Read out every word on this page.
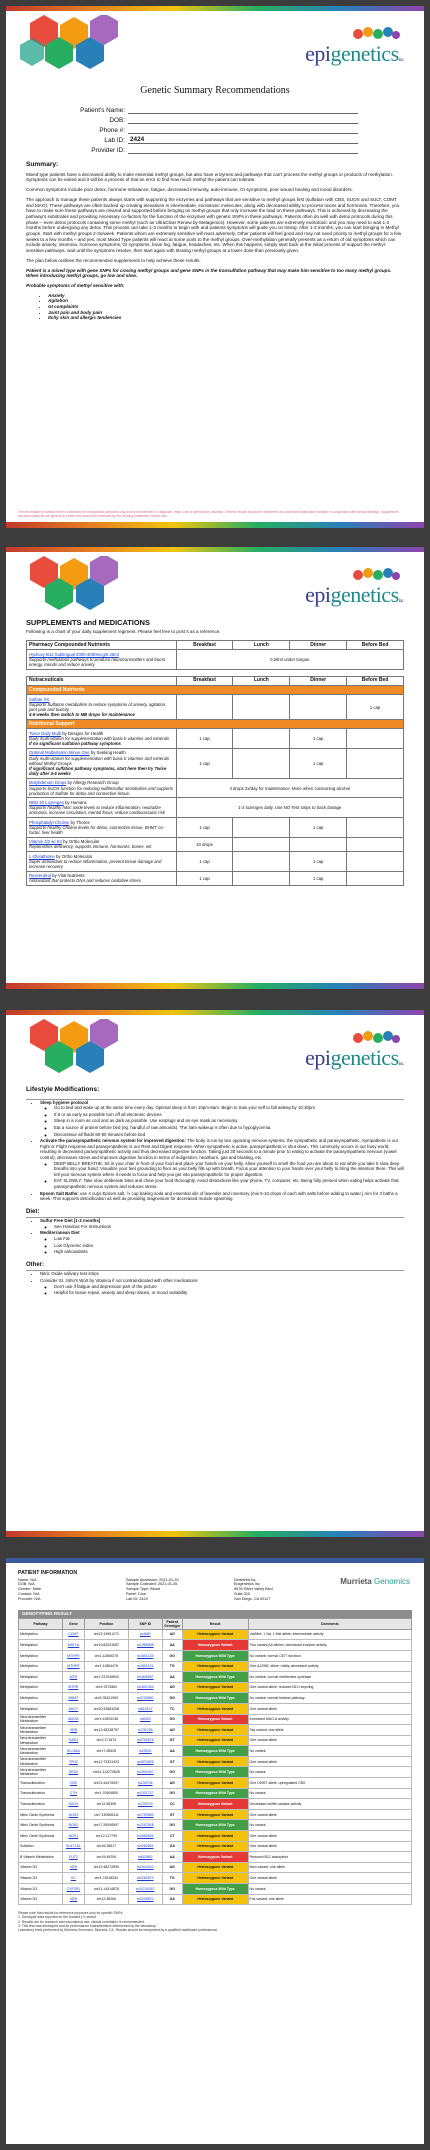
epigeneticsinc.
Genetic Summary Recommendations
Patient's Name:
DOB:
Phone #:
Lab ID: 2424
Provider ID:
Summary:

Mixed type patients have a decreased ability to make essential methyl groups, but also have enzymes and pathways that can't process the methyl groups or products of methylation. Symptoms can be varied and it will be a process of trial an error to find how much methyl the patient can tolerate.

Common symptoms include poor detox, hormone imbalance, fatigue, decreased immunity, auto-immune, GI symptoms, poor wound healing and mood disorders.

The approach to manage these patients always starts with supporting the enzymes and pathways that are sensitive to methyl groups first (sulfation with CBS, SUOX and SULT, COMT and MAO). These pathways are often backed up creating elevations in intermediate, excitotoxic molecules, along with decreased ability to process toxins and hormones. Therefore, you have to make sure these pathways are cleared and supported before bringing on methyl groups that only increase the load on these pathways. This is achieved by decreasing the pathway's substrates and providing necessary co-factors for the function of the enzymes with genetic SNPs in these pathways. Patients often do well with detox protocols during this phase – even detox protocols containing some methyl (such as UltraClear Renew by Metagenics). However, some patients are extremely excitotoxic and you may need to wait 1-3 months before undergoing any detox. This process can take 1-3 months to begin with and patients symptoms will guide you on timing. After 1-3 months, you can start bringing in Methyl groups. Start with methyl groups 2-3x/week. Patients whom are extremely sensitive will react adversely. Other patients will feel good and may not need priority to methyl groups for a few weeks to a few months – and yes, most Mixed Type patients will react at some point to the methyl groups. Over-methylation generally presents as a return of old symptoms which can include anxiety, insomnia, hormone symptoms, GI symptoms, brain fog, fatigue, headaches, etc. When this happens, simply start back at the initial process of support the methyl-sensitive pathways, wait until the symptoms resolve, then start again with titrating methyl groups at a lower dose than previously given.

The plan below outlines the recommended supplements to help achieve these results.

Patient is a mixed type with gene SNPs for craving methyl groups and gene SNPs in the transulfation pathway that may make him sensitive to too many methyl groups. When introducing methyl groups, go low and slow.

Probable symptoms of methyl sensitive with:

• Anxiety
• Agitation
• GI complaints
• Joint pain and body pain
• Itchy skin and allergic tendencies
The information provided herein is intended for educational purposes only and is not intended to diagnose, treat, cure or prevent any disease. Genetic results should be interpreted by a licensed healthcare provider in conjunction with clinical findings. Supplement recommendations are general in nature and should be reviewed by the treating practitioner before use.
epigeneticsinc.
SUPPLEMENTS and MEDICATIONS
Following is a chart of your daily supplement regiment. Please feel free to post it as a reference.
Pharmacy Compounded Nutrients	Breakfast	Lunch	Dinner	Before Bed
Hydroxy B12 Sublingual 2000-4000mcg/0.25ml
Supports methylation pathways to produce neurotransmitters and boost energy, moods and reduce anxiety	0.25ml under tongue			
Nutraceuticals	Breakfast	Lunch	Dinner	Before Bed
Compounded Nutrients				
Sulfate XX
Supports Sulfation metabolism to reduce symptoms of anxiety, agitation, joint pain and toxicity.
4-6 weeks then switch to MB drops for maintenance				1 cap
Nutritional Support				
Twice Daily Multi by Designs for Health
Daily multi-vitamin for supplementation with basic b vitamins and minerals
If no significant sulfation pathway symptoms	1 cap		1 cap	
Optimal Multivitamin Minus One by Seeking Health
Daily multi-vitamin for supplementation with basic b vitamins and minerals without Methyl Groups
If significant sulfation pathway symptoms, start here then try Twice daily after 4-6 weeks	1 cap		1 cap	
Molybdenum Drops by Allergy Research Group
Supports SUOX function for reducing sulfite/sulfur sensitivities and supports production of Sulfate for detox and connective tissue.	4 drops 2x/day for maintenance. More when consuming alcohol			
NBD 40 Lozenges by Humanx
Supports healthy nitric oxide levels to reduce inflammation, neutralize ammonia, increase circulation, mental focus, reduce cardiovascular risk	1-2 lozenges daily. Use NO Test strips to track dosage			
Phosphatidyl Choline by Thorne
Supports healthy Choline levels for detox, connective tissue, BHMT co-factor, liver health	1 cap		1 cap	
Vitamin D3 w/ K2 by Ortho Molecular
Replenishes deficiency, supports immune, hormones, bones, etc	10 drops			
L-Glutathione by Ortho Molecular
Super antioxidant to reduce inflammation, prevent tissue damage and increase recovery	1 cap		1 cap	
Resveratrol by Vital Nutrients
Antioxidant that protects DNA and reduces oxidative stress	1 cap		1 cap	
epigeneticsinc.
Lifestyle Modifications:
• Sleep hygiene protocol
◦ Go to bed and wake up at the same time every day. Optimal sleep is from 10pm-6am. Begin to train your self to fall asleep by 10:30pm
◦ If 8 or as early as possible turn off all electronic devices
◦ Sleep in a room as cool and as dark as possible. Use earplugs and an eye mask as necessary.
◦ Eat a source of protein before bed (eg. handful of raw almonds). The 3am wakeup is often due to hypoglycemia.
◦ Discontinue all fluids 60-90 minutes before bed
• Activate the parasympathetic nervous system for improved digestion: The body is run by two opposing nervous systems, the sympathetic and parasympathetic. Sympathetic is our Fight or Flight response and parasympathetic is our Rest and Digest response. When sympathetic is active, parasympathetic is shut down. This commonly occurs in our busy world, resulting in decreased parasympathetic activity and thus decreased digestive function. Taking just 30 seconds to a minute prior to eating to activate the parasympathetic nervous (vowel control), decreases stress and improves digestive function in terms of indigestion, heartburn, gas and bloating, etc.
◦ DEEP BELLY BREATHE: Sit in your chair in front of your food and place your hands on your belly. Allow yourself to smell the food you are about to eat while you take 5 slow deep breaths into your hand. Visualize your feet grounding to floor as your belly fills up with breath. Focus your attention to your hands over your belly to bring the intention there. This will tell your nervous system where it needs to focus and help you get into parasympathetic for proper digestion.
◦ EAT SLOWLY: Take slow deliberate bites and chew your food thoroughly. Avoid distractions like your phone, TV, computer, etc. Being fully present when eating helps activate that parasympathetic nervous system and reduces stress.
• Epsom Salt Baths: use 4 cups Epsom salt, ½ cup baking soda and essential oils of lavender and rosemary (mix 5-10 drops of each with salts before adding to water.) Aim for 3 baths a week. This supports detoxification as well as providing magnesium for decreased muscle spasming.
Diet:
• Sulfur Free Diet [1-3 months]
◦ See Handout For Instructions
• Mediterranean Diet
◦ Low Fat
◦ Low Glycemic index
◦ High antioxidants
Other:
• Nitric Oxide salivary test strips
• Consider St. John's Wort by Vitanica if not contraindicated with other medications
◦ Don't use if fatigue and depression part of the picture
◦ Helpful for tissue repair, anxiety and sleep issues, or mood variability
PATIENT INFORMATION
Name: N/A
DOB: N/A
Gender: Male
Contact: N/A
Provider: N/A
Sample Accession: 2021-01-20
Sample Collected: 2021-01-05
Sample Type: Blood
Panel: Core
Lab ID: 2424
Delivered by:
Epigenetics Inc
5578 Silver Valley Blvd
Suite 310
San Diego, CA 92127
Murrieta Genomics
GENOTYPING RESULT
Pathway	Gene	Position	SNP ID	Patient Genotype	Result	Comments
Methylation	COMT	chr22:19951271	rs4680	AG	Heterozygous Variant	Val/Met: 1 Val, 1 Met allele; intermediate activity
Methylation	MAT1A	chr10:82031087	rs1985908	AA	Homozygous Variant	Two variant AA alleles; decreased enzyme activity
Methylation	MTHFR	chr1:11856378	rs1801133	GG	Homozygous Wild Type	No variant; normal C677 function
Methylation	MTHFR	chr1:11854476	rs1801131	TG	Heterozygous Variant	One A1298C allele; mildly decreased activity
Methylation	MTR	chr1:237048500	rs1805087	AA	Homozygous Wild Type	No variant; normal methionine synthase
Methylation	MTRR	chr5:7870860	rs1801394	AG	Heterozygous Variant	One variant allele; reduced B12 recycling
Methylation	BHMT	chr5:78421959	rs3733890	GG	Homozygous Wild Type	No variant; normal betaine pathway
Methylation	AHCY	chr20:32883208	rs819147	TC	Heterozygous Variant	One variant allele
Neurotransmitter Metabolism	MAOA	chrX:43591036	rs6323	GG	Homozygous Variant	Increased MAO-A activity
Neurotransmitter Metabolism	VDR	chr12:48238757	rs731236	AG	Heterozygous Variant	Taq variant; one allele
Neurotransmitter Metabolism	GAD1	chr2:171673	rs3791878	GT	Heterozygous Variant	One variant allele
Neurotransmitter Metabolism	SLC6A4	chr17:28525	rs25531	AA	Homozygous Wild Type	No variant
Neurotransmitter Metabolism	TPH2	chr12:72331923	rs4570625	GT	Heterozygous Variant	One variant allele
Neurotransmitter Metabolism	DRD2	chr11:113270828	rs1800497	GG	Homozygous Wild Type	No variant
Transsulfuration	CBS	chr21:44478497	rs234706	AG	Heterozygous Variant	One C699T allele; upregulated CBS
Transsulfuration	CTH	chr1:70904800	rs1021737	GG	Homozygous Wild Type	No variant
Transsulfuration	SUOX	chr12:56398	rs705703	CC	Homozygous Variant	Decreased sulfite oxidase activity
Nitric Oxide Synthesis	NOS3	chr7:150696111	rs1799983	GT	Heterozygous Variant	One variant allele
Nitric Oxide Synthesis	NOS2	chr17:26096597	rs2297518	GG	Homozygous Wild Type	No variant
Nitric Oxide Synthesis	NOS1	chr12:117799	rs2682826	CT	Heterozygous Variant	One variant allele
Sulfation	SULT1A1	chr16:28617	rs9282861	GA	Heterozygous Variant	One variant allele
B Vitamin Metabolism	FUT2	chr19:49206	rs602662	AA	Homozygous Variant	Reduced B12 absorption
Vitamin D3	VDR	chr12:48272895	rs1544410	AG	Heterozygous Variant	Bsm variant; one allele
Vitamin D3	GC	chr4:72618334	rs2282679	TG	Heterozygous Variant	One variant allele
Vitamin D3	CYP2R1	chr11:14914878	rs10741657	GG	Homozygous Wild Type	No variant
Vitamin D3	VDR	chr12:48265	rs2228570	GA	Heterozygous Variant	Fok variant; one allele
Please note that results for reference purposes only for specific SNPs.
1. Genotype data reported on the forward (+) strand.
2. Results are for research and educational use; clinical correlation is recommended.
3. This test was developed and its performance characteristics determined by the laboratory.
Laboratory tests performed by Murrieta Genomics, Murrieta, CA. Results should be interpreted by a qualified healthcare professional.
